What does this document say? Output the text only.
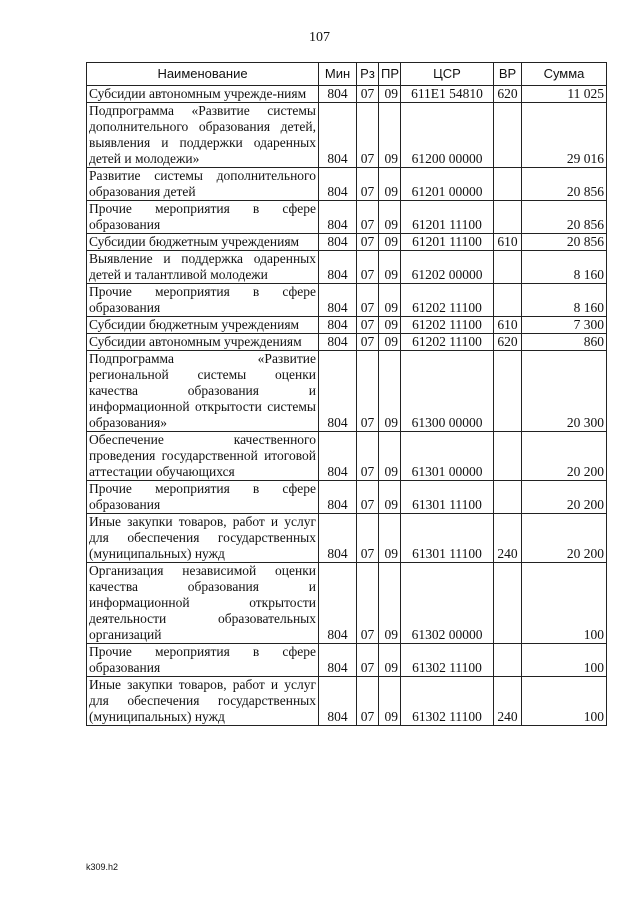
107
Наименование	Мин	Рз	ПР	ЦСР	ВР	Сумма
Субсидии автономным учрежде-ниям	804	07	09	611Е1 54810	620	11 025
Подпрограмма «Развитие системы дополнительного образования детей, выявления и поддержки одаренных детей и молодежи»	804	07	09	61200 00000		29 016
Развитие системы дополнительного образования детей	804	07	09	61201 00000		20 856
Прочие мероприятия в сфере образования	804	07	09	61201 11100		20 856
Субсидии бюджетным учреждениям	804	07	09	61201 11100	610	20 856
Выявление и поддержка одаренных детей и талантливой молодежи	804	07	09	61202 00000		8 160
Прочие мероприятия в сфере образования	804	07	09	61202 11100		8 160
Субсидии бюджетным учреждениям	804	07	09	61202 11100	610	7 300
Субсидии автономным учреждениям	804	07	09	61202 11100	620	860
Подпрограмма «Развитие региональной системы оценки качества образования и информационной открытости системы образования»	804	07	09	61300 00000		20 300
Обеспечение качественного проведения государственной итоговой аттестации обучающихся	804	07	09	61301 00000		20 200
Прочие мероприятия в сфере образования	804	07	09	61301 11100		20 200
Иные закупки товаров, работ и услуг для обеспечения государственных (муниципальных) нужд	804	07	09	61301 11100	240	20 200
Организация независимой оценки качества образования и информационной открытости деятельности образовательных организаций	804	07	09	61302 00000		100
Прочие мероприятия в сфере образования	804	07	09	61302 11100		100
Иные закупки товаров, работ и услуг для обеспечения государственных (муниципальных) нужд	804	07	09	61302 11100	240	100
k309.h2
